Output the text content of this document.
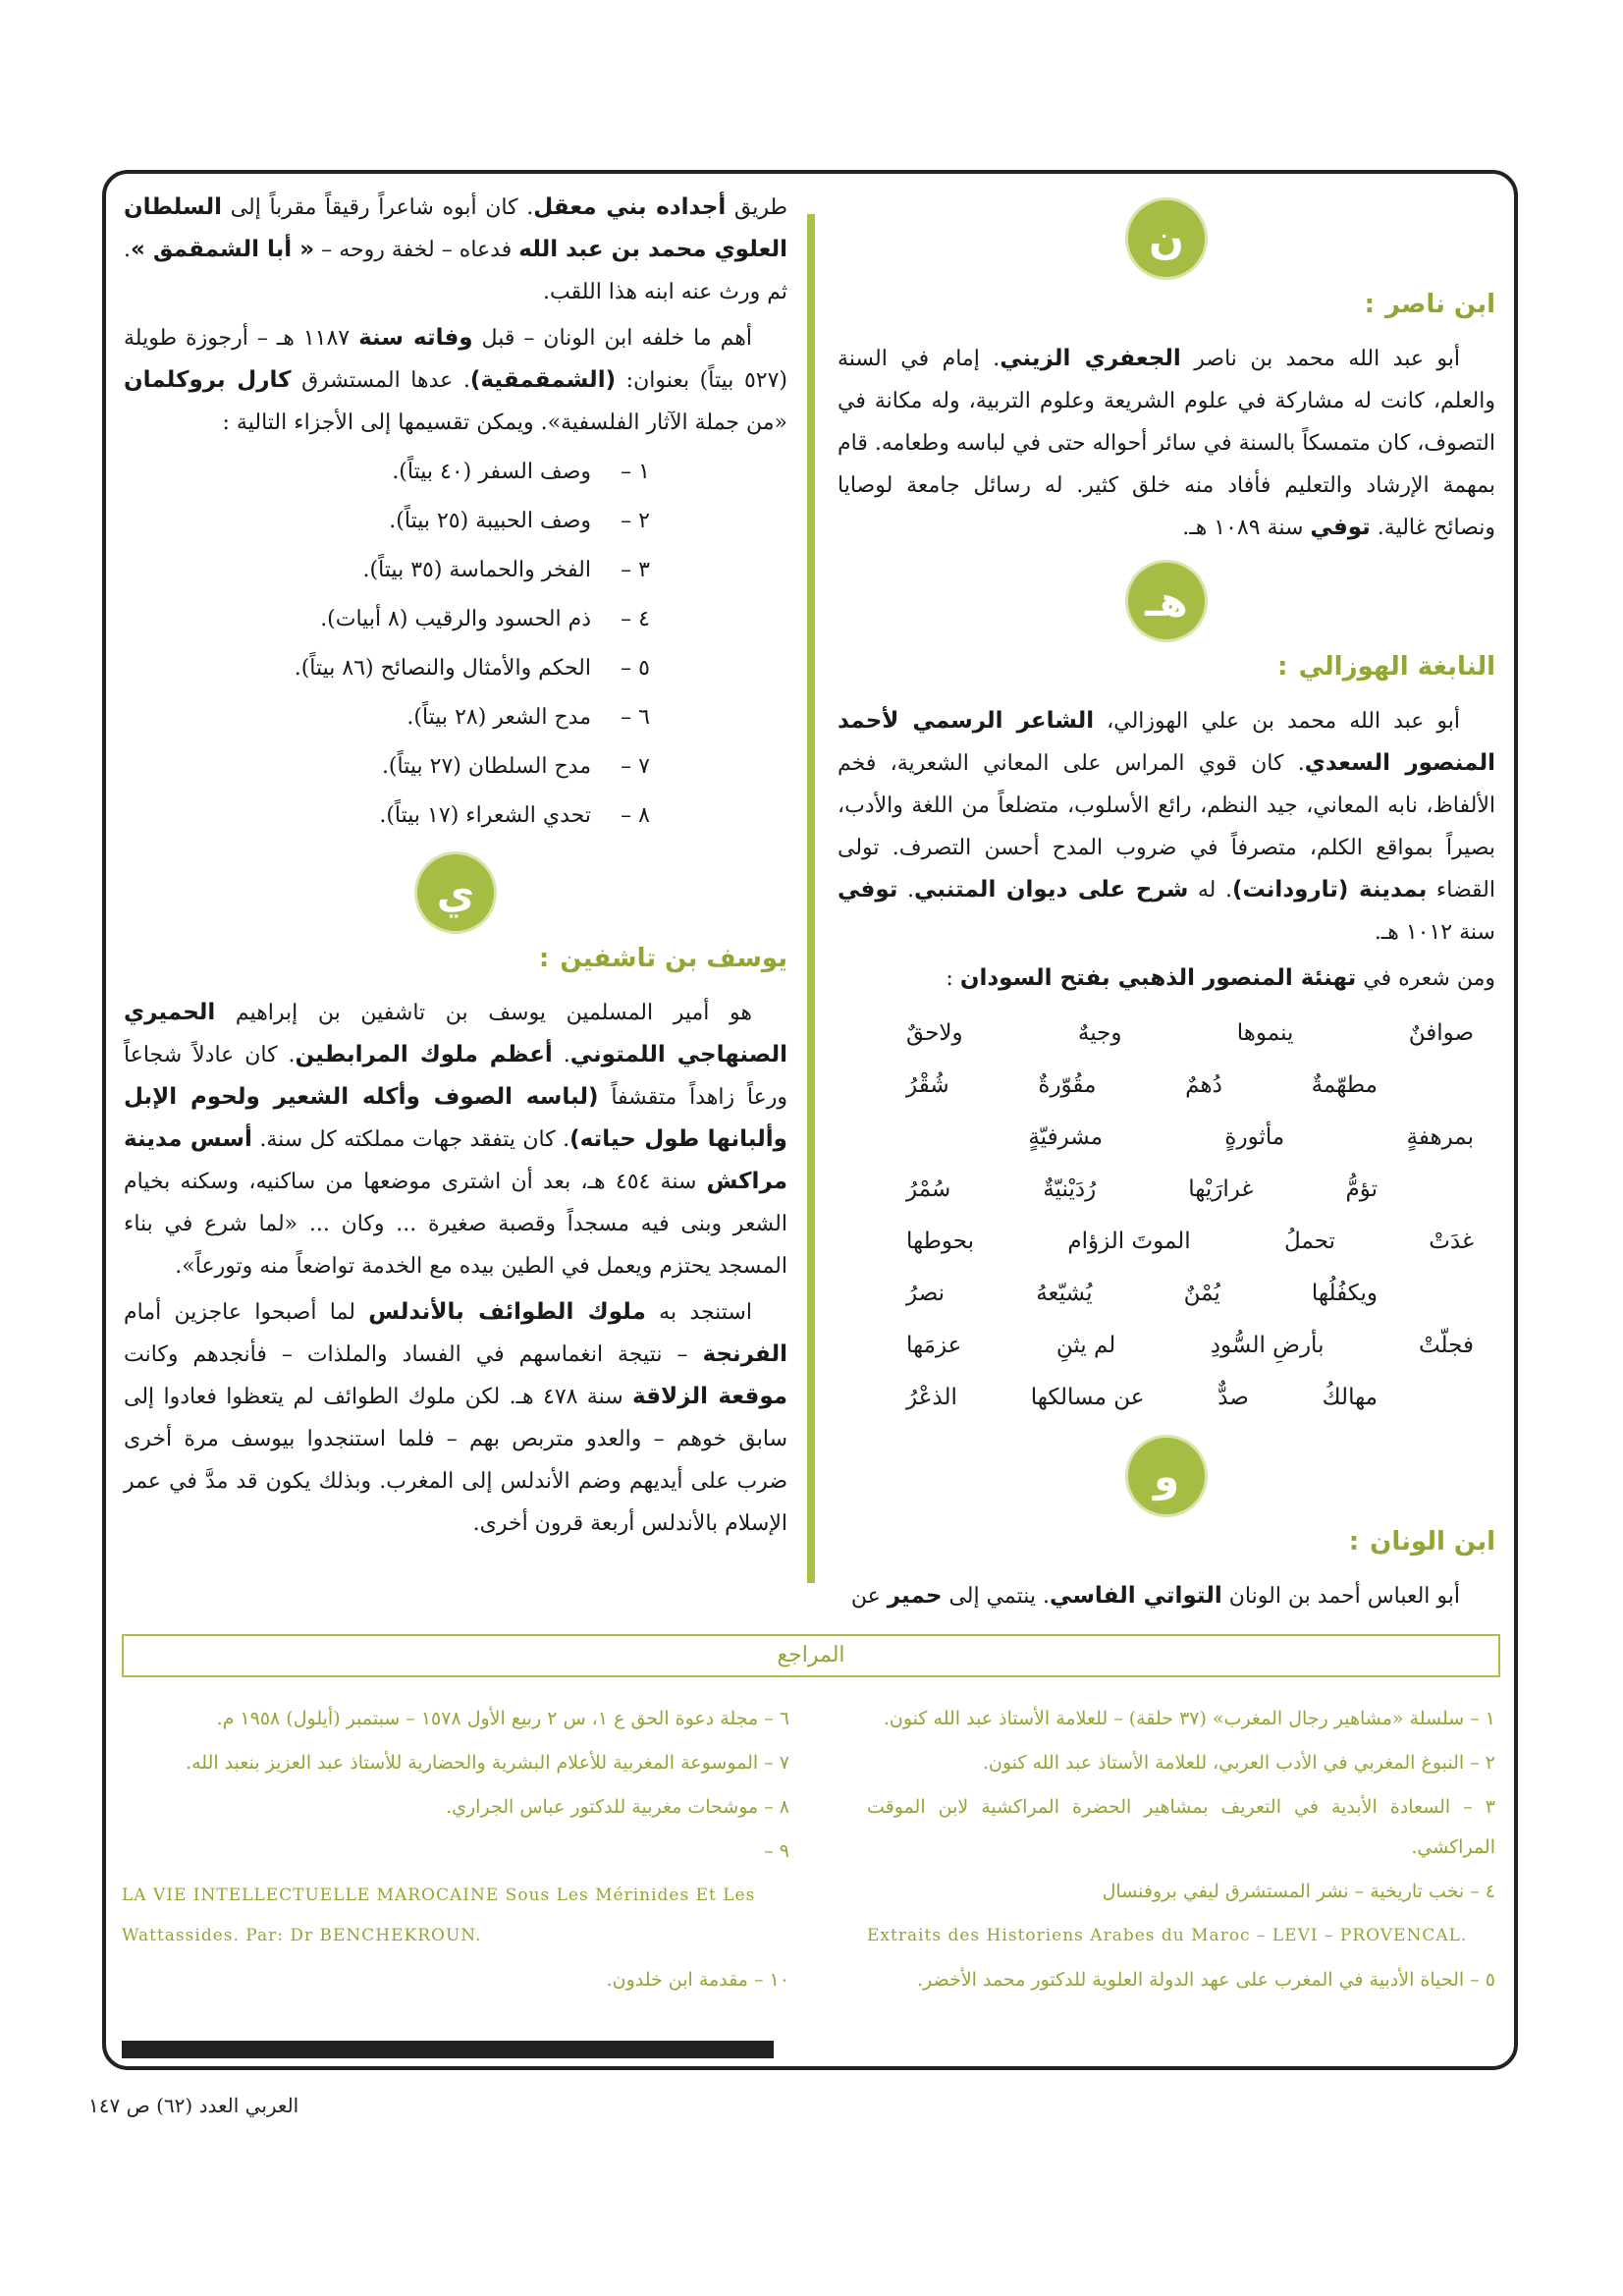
ن
ابن ناصر :

أبو عبد الله محمد بن ناصر الجعفري الزيني. إمام في السنة والعلم، كانت له مشاركة في علوم الشريعة وعلوم التربية، وله مكانة في التصوف، كان متمسكاً بالسنة في سائر أحواله حتى في لباسه وطعامه. قام بمهمة الإرشاد والتعليم فأفاد منه خلق كثير. له رسائل جامعة لوصايا ونصائح غالية. توفي سنة ١٠٨٩ هـ.

هـ
النابغة الهوزالي :

أبو عبد الله محمد بن علي الهوزالي، الشاعر الرسمي لأحمد المنصور السعدي. كان قوي المراس على المعاني الشعرية، فخم الألفاظ، نابه المعاني، جيد النظم، رائع الأسلوب، متضلعاً من اللغة والأدب، بصيراً بمواقع الكلم، متصرفاً في ضروب المدح أحسن التصرف. تولى القضاء بمدينة (تارودانت). له شرح على ديوان المتنبي. توفي سنة ١٠١٢ هـ.

ومن شعره في تهنئة المنصور الذهبي بفتح السودان :

صوافنٌ
ينموها
وجيهٌ
ولاحقٌ
مطهّمةٌ
دُهمٌ
مقُوّرةٌ
شُقْرُ
بمرهفةٍ
مأثورةٍ
مشرفيّةٍ
تؤمُّ
غرارَيْها
رُدَيْنيّةٌ
سُمْرُ
غدَتْ
تحملُ
الموتَ الزؤام
بحوطها
ويكفُلُها
يُمْنٌ
يُشيّعهُ
نصرُ
فجلّتْ
بأرضِ السُّودِ
لم يثنِ
عزمَها
مهالكُ
صدٌّ
عن مسالكها
الذعْرُ
و
ابن الونان :

أبو العباس أحمد بن الونان التواتي الفاسي. ينتمي إلى حمير عن

طريق أجداده بني معقل. كان أبوه شاعراً رقيقاً مقرباً إلى السلطان العلوي محمد بن عبد الله فدعاه – لخفة روحه – « أبا الشمقمق ». ثم ورث عنه ابنه هذا اللقب.

أهم ما خلفه ابن الونان – قبل وفاته سنة ١١٨٧ هـ – أرجوزة طويلة (٥٢٧ بيتاً) بعنوان: (الشمقمقية). عدها المستشرق كارل بروكلمان «من جملة الآثار الفلسفية». ويمكن تقسيمها إلى الأجزاء التالية :

١ –وصف السفر (٤٠ بيتاً).
٢ –وصف الحبيبة (٢٥ بيتاً).
٣ –الفخر والحماسة (٣٥ بيتاً).
٤ –ذم الحسود والرقيب (٨ أبيات).
٥ –الحكم والأمثال والنصائح (٨٦ بيتاً).
٦ –مدح الشعر (٢٨ بيتاً).
٧ –مدح السلطان (٢٧ بيتاً).
٨ –تحدي الشعراء (١٧ بيتاً).
ي
يوسف بن تاشفين :

هو أمير المسلمين يوسف بن تاشفين بن إبراهيم الحميري الصنهاجي اللمتوني. أعظم ملوك المرابطين. كان عادلاً شجاعاً ورعاً زاهداً متقشفاً (لباسه الصوف وأكله الشعير ولحوم الإبل وألبانها طول حياته). كان يتفقد جهات مملكته كل سنة. أسس مدينة مراكش سنة ٤٥٤ هـ، بعد أن اشترى موضعها من ساكنيه، وسكنه بخيام الشعر وبنى فيه مسجداً وقصبة صغيرة ... وكان ... «لما شرع في بناء المسجد يحتزم ويعمل في الطين بيده مع الخدمة تواضعاً منه وتورعاً».

استنجد به ملوك الطوائف بالأندلس لما أصبحوا عاجزين أمام الفرنجة – نتيجة انغماسهم في الفساد والملذات – فأنجدهم وكانت موقعة الزلاقة سنة ٤٧٨ هـ. لكن ملوك الطوائف لم يتعظوا فعادوا إلى سابق خوهم – والعدو متربص بهم – فلما استنجدوا بيوسف مرة أخرى ضرب على أيديهم وضم الأندلس إلى المغرب. وبذلك يكون قد مدَّ في عمر الإسلام بالأندلس أربعة قرون أخرى.

المراجع
١ – سلسلة «مشاهير رجال المغرب» (٣٧ حلقة) – للعلامة الأستاذ عبد الله كنون.
٢ – النبوغ المغربي في الأدب العربي، للعلامة الأستاذ عبد الله كنون.
٣ – السعادة الأبدية في التعريف بمشاهير الحضرة المراكشية لابن الموقت المراكشي.
٤ – نخب تاريخية – نشر المستشرق ليفي بروفنسال
Extraits des Historiens Arabes du Maroc – LEVI – PROVENCAL.
٥ – الحياة الأدبية في المغرب على عهد الدولة العلوية للدكتور محمد الأخضر.
٦ – مجلة دعوة الحق ع ١، س ٢ ربيع الأول ١٥٧٨ – سبتمبر (أيلول) ١٩٥٨ م.
٧ – الموسوعة المغربية للأعلام البشرية والحضارية للأستاذ عبد العزيز بنعبد الله.
٨ – موشحات مغربية للدكتور عباس الجراري.
٩ –
LA VIE INTELLECTUELLE MAROCAINE Sous Les Mérinides Et Les Wattassides. Par: Dr BENCHEKROUN.
١٠ – مقدمة ابن خلدون.
العربي العدد (٦٢) ص ١٤٧
